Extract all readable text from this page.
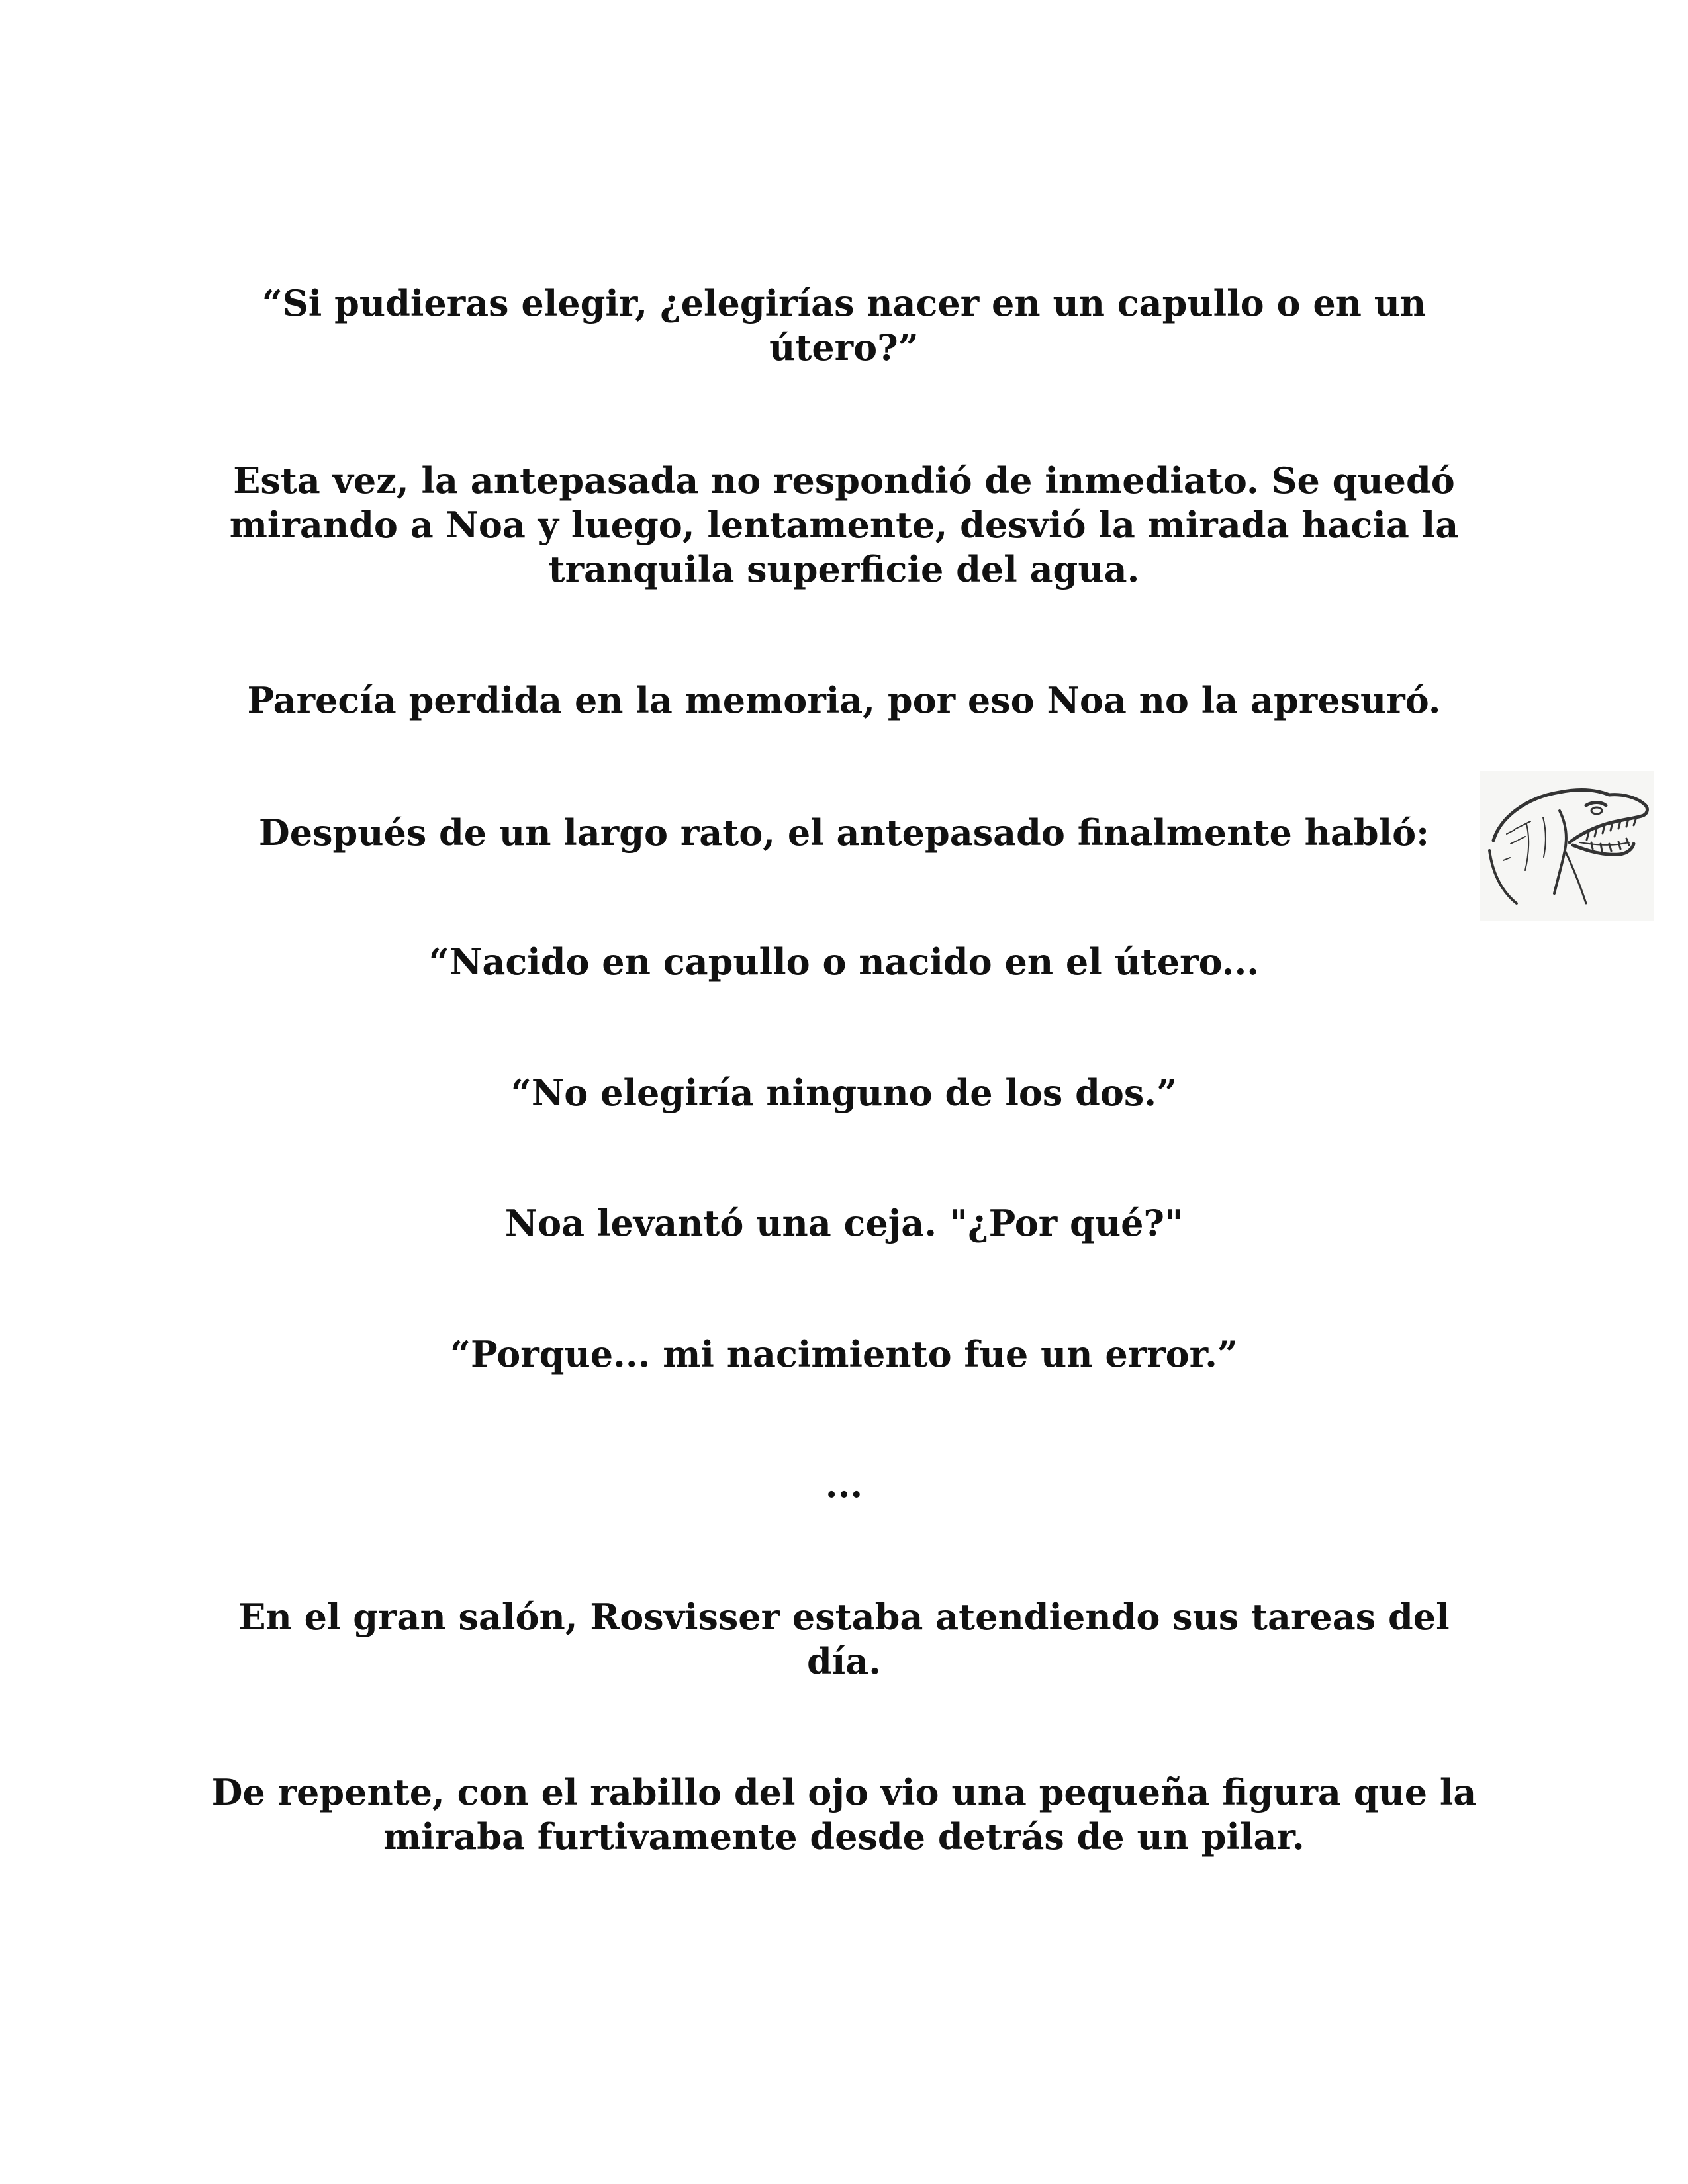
“Si pudieras elegir, ¿elegirías nacer en un capullo o en un útero?”

Esta vez, la antepasada no respondió de inmediato. Se quedó mirando a Noa y luego, lentamente, desvió la mirada hacia la tranquila superficie del agua.

Parecía perdida en la memoria, por eso Noa no la apresuró.

Después de un largo rato, el antepasado finalmente habló:

“Nacido en capullo o nacido en el útero...

“No elegiría ninguno de los dos.”

Noa levantó una ceja. "¿Por qué?"

“Porque... mi nacimiento fue un error.”

...

En el gran salón, Rosvisser estaba atendiendo sus tareas del día.

De repente, con el rabillo del ojo vio una pequeña figura que la miraba furtivamente desde detrás de un pilar.
